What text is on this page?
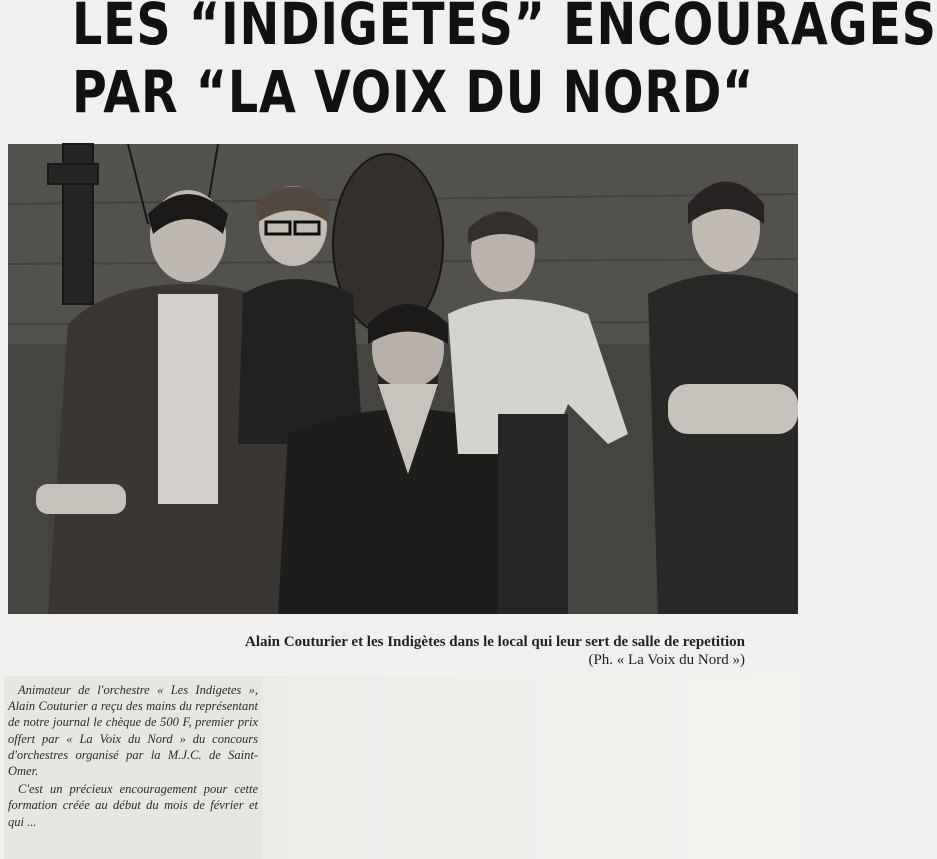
LES “INDIGETES” ENCOURAGES
PAR “LA VOIX DU NORD“
Alain Couturier et les Indigètes dans le local qui leur sert de salle de repetition
(Ph. « La Voix du Nord »)

Animateur de l'orchestre « Les Indigetes », Alain Couturier a reçu des mains du représentant de notre journal le chèque de 500 F, premier prix offert par « La Voix du Nord » du concours d'orchestres organisé par la M.J.C. de Saint-Omer.

C'est un précieux encouragement pour cette formation créée au début du mois de février et qui ...
